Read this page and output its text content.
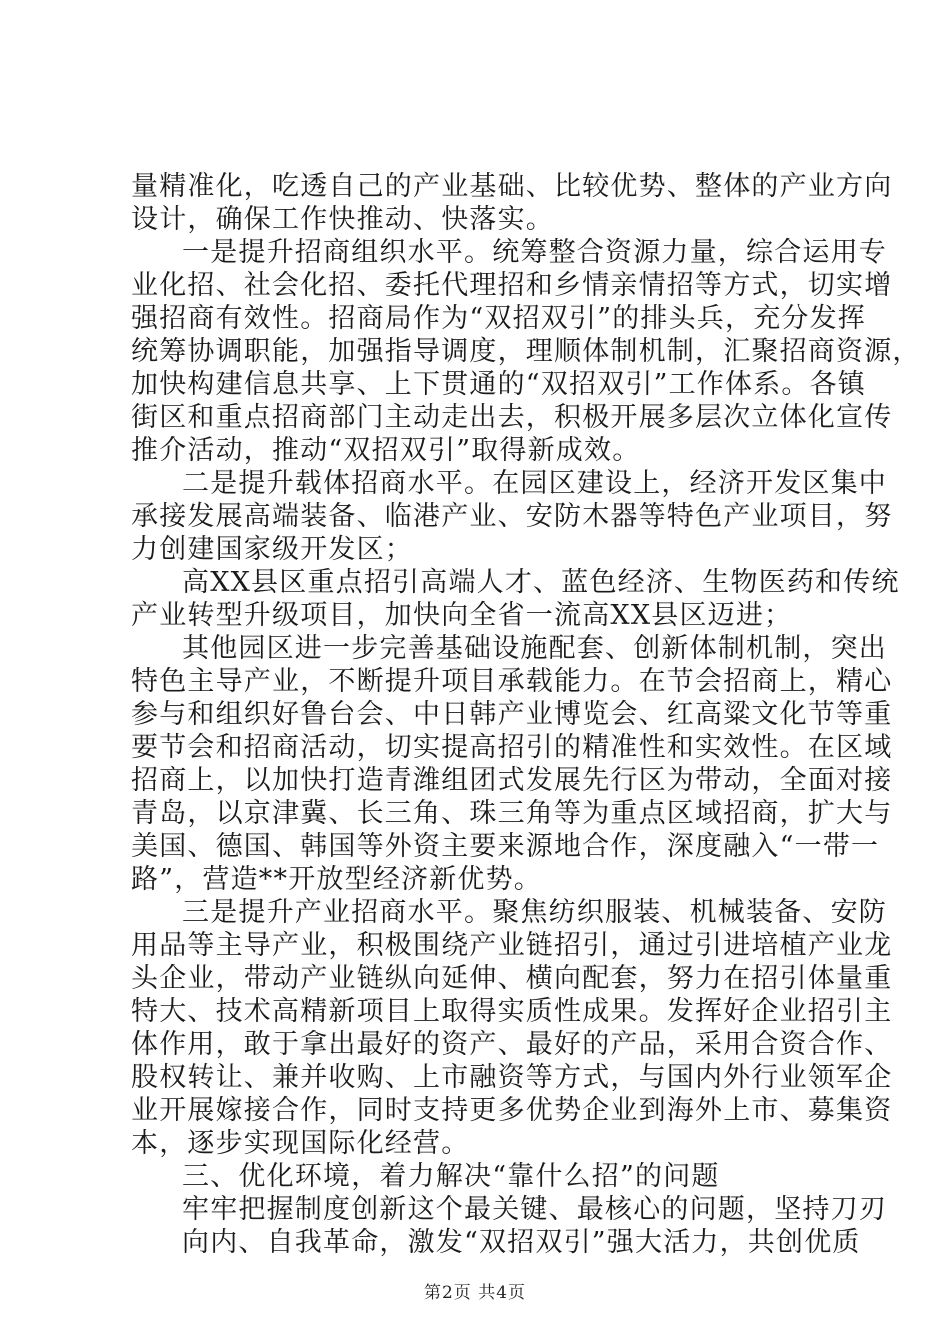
量精准化，吃透自己的产业基础、比较优势、整体的产业方向
设计，确保工作快推动、快落实。
一是提升招商组织水平。统筹整合资源力量，综合运用专
业化招、社会化招、委托代理招和乡情亲情招等方式，切实增
强招商有效性。招商局作为“双招双引”的排头兵，充分发挥
统筹协调职能，加强指导调度，理顺体制机制，汇聚招商资源，
加快构建信息共享、上下贯通的“双招双引”工作体系。各镇
街区和重点招商部门主动走出去，积极开展多层次立体化宣传
推介活动，推动“双招双引”取得新成效。
二是提升载体招商水平。在园区建设上，经济开发区集中
承接发展高端装备、临港产业、安防木器等特色产业项目，努
力创建国家级开发区；
高XX县区重点招引高端人才、蓝色经济、生物医药和传统
产业转型升级项目，加快向全省一流高XX县区迈进；
其他园区进一步完善基础设施配套、创新体制机制，突出
特色主导产业，不断提升项目承载能力。在节会招商上，精心
参与和组织好鲁台会、中日韩产业博览会、红高粱文化节等重
要节会和招商活动，切实提高招引的精准性和实效性。在区域
招商上，以加快打造青潍组团式发展先行区为带动，全面对接
青岛，以京津冀、长三角、珠三角等为重点区域招商，扩大与
美国、德国、韩国等外资主要来源地合作，深度融入“一带一
路”，营造**开放型经济新优势。
三是提升产业招商水平。聚焦纺织服装、机械装备、安防
用品等主导产业，积极围绕产业链招引，通过引进培植产业龙
头企业，带动产业链纵向延伸、横向配套，努力在招引体量重
特大、技术高精新项目上取得实质性成果。发挥好企业招引主
体作用，敢于拿出最好的资产、最好的产品，采用合资合作、
股权转让、兼并收购、上市融资等方式，与国内外行业领军企
业开展嫁接合作，同时支持更多优势企业到海外上市、募集资
本，逐步实现国际化经营。
三、优化环境，着力解决“靠什么招”的问题
牢牢把握制度创新这个最关键、最核心的问题，坚持刀刃
向内、自我革命，激发“双招双引”强大活力，共创优质
第2页 共4页
